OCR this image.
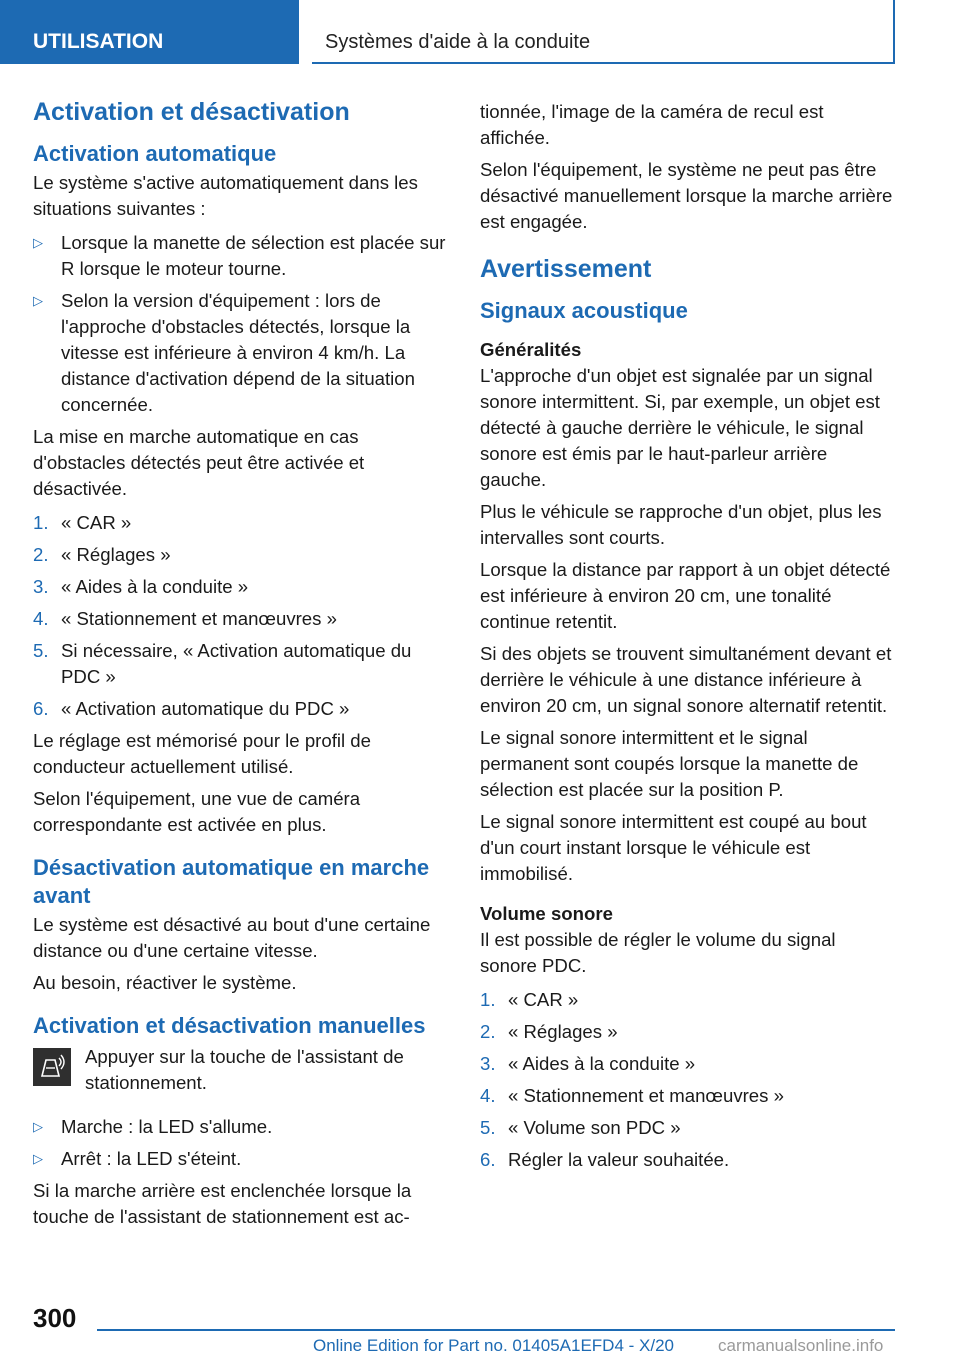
UTILISATION	Systèmes d'aide à la conduite
Activation et désactivation
Activation automatique

Le système s'active automatiquement dans les situations suivantes :

▷ Lorsque la manette de sélection est placée sur R lorsque le moteur tourne.
▷ Selon la version d'équipement : lors de l'approche d'obstacles détectés, lorsque la vitesse est inférieure à environ 4 km/h. La distance d'activation dépend de la situation concernée.

La mise en marche automatique en cas d'obstacles détectés peut être activée et désactivée.

1. « CAR »
2. « Réglages »
3. « Aides à la conduite »
4. « Stationnement et manœuvres »
5. Si nécessaire, « Activation automatique du PDC »
6. « Activation automatique du PDC »

Le réglage est mémorisé pour le profil de conducteur actuellement utilisé.

Selon l'équipement, une vue de caméra correspondante est activée en plus.

Désactivation automatique en marche avant

Le système est désactivé au bout d'une certaine distance ou d'une certaine vitesse.

Au besoin, réactiver le système.

Activation et désactivation manuelles
Appuyer sur la touche de l'assistant de stationnement.
▷ Marche : la LED s'allume.
▷ Arrêt : la LED s'éteint.

Si la marche arrière est enclenchée lorsque la touche de l'assistant de stationnement est ac-

tionnée, l'image de la caméra de recul est affichée.

Selon l'équipement, le système ne peut pas être désactivé manuellement lorsque la marche arrière est engagée.

Avertissement
Signaux acoustique
Généralités

L'approche d'un objet est signalée par un signal sonore intermittent. Si, par exemple, un objet est détecté à gauche derrière le véhicule, le signal sonore est émis par le haut-parleur arrière gauche.

Plus le véhicule se rapproche d'un objet, plus les intervalles sont courts.

Lorsque la distance par rapport à un objet détecté est inférieure à environ 20 cm, une tonalité continue retentit.

Si des objets se trouvent simultanément devant et derrière le véhicule à une distance inférieure à environ 20 cm, un signal sonore alternatif retentit.

Le signal sonore intermittent et le signal permanent sont coupés lorsque la manette de sélection est placée sur la position P.

Le signal sonore intermittent est coupé au bout d'un court instant lorsque le véhicule est immobilisé.

Volume sonore

Il est possible de régler le volume du signal sonore PDC.

1. « CAR »
2. « Réglages »
3. « Aides à la conduite »
4. « Stationnement et manœuvres »
5. « Volume son PDC »
6. Régler la valeur souhaitée.
300
Online Edition for Part no. 01405A1EFD4 - X/20	carmanualsonline.info
